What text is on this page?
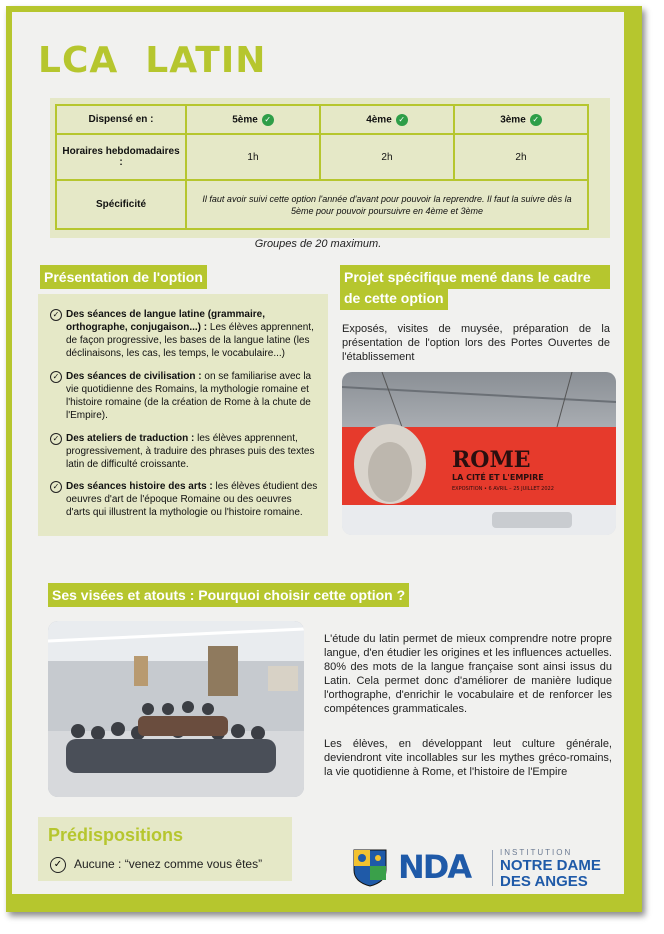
LCA  LATIN
Dispensé en :	5ème ✓	4ème ✓	3ème ✓
Horaires hebdomadaires :	1h	2h	2h
Spécificité	Il faut avoir suivi cette option l'année d'avant pour pouvoir la reprendre. Il faut la suivre dès la 5ème pour pouvoir poursuivre en 4ème et 3ème		
Groupes de 20 maximum.
Présentation de l'option
✓ Des séances de langue latine (grammaire, orthographe, conjugaison...) : Les élèves apprennent, de façon progressive, les bases de la langue latine (les déclinaisons, les cas, les temps, le vocabulaire...)
✓ Des séances de civilisation : on se familiarise avec la vie quotidienne des Romains, la mythologie romaine et l'histoire romaine (de la création de Rome à la chute de l'Empire).
✓ Des ateliers de traduction : les élèves apprennent, progressivement, à traduire des phrases puis des textes latin de difficulté croissante.
✓ Des séances histoire des arts : les élèves étudient des oeuvres d'art de l'époque Romaine ou des oeuvres d'arts qui illustrent la mythologie ou l'histoire romaine.
Projet spécifique mené dans le cadre
de cette option
Exposés, visites de muysée, préparation de la présentation de l'option lors des Portes Ouvertes de l'établissement
ROME
LA CITÉ ET L'EMPIRE
EXPOSITION • 6 AVRIL – 25 JUILLET 2022
Ses visées et atouts : Pourquoi choisir cette option ?
L'étude du latin permet de mieux comprendre notre propre langue, d'en étudier les origines et les influences actuelles. 80% des mots de la langue française sont ainsi issus du Latin. Cela permet donc d'améliorer de manière ludique l'orthographe, d'enrichir le vocabulaire et de renforcer les compétences grammaticales.
Les élèves, en développant leut culture générale, deviendront vite incollables sur les mythes gréco-romains, la vie quotidienne à Rome, et l'histoire de l'Empire
Prédispositions
✓ Aucune : “venez comme vous êtes”	NDA	INSTITUTION
NOTRE DAME
DES ANGES
